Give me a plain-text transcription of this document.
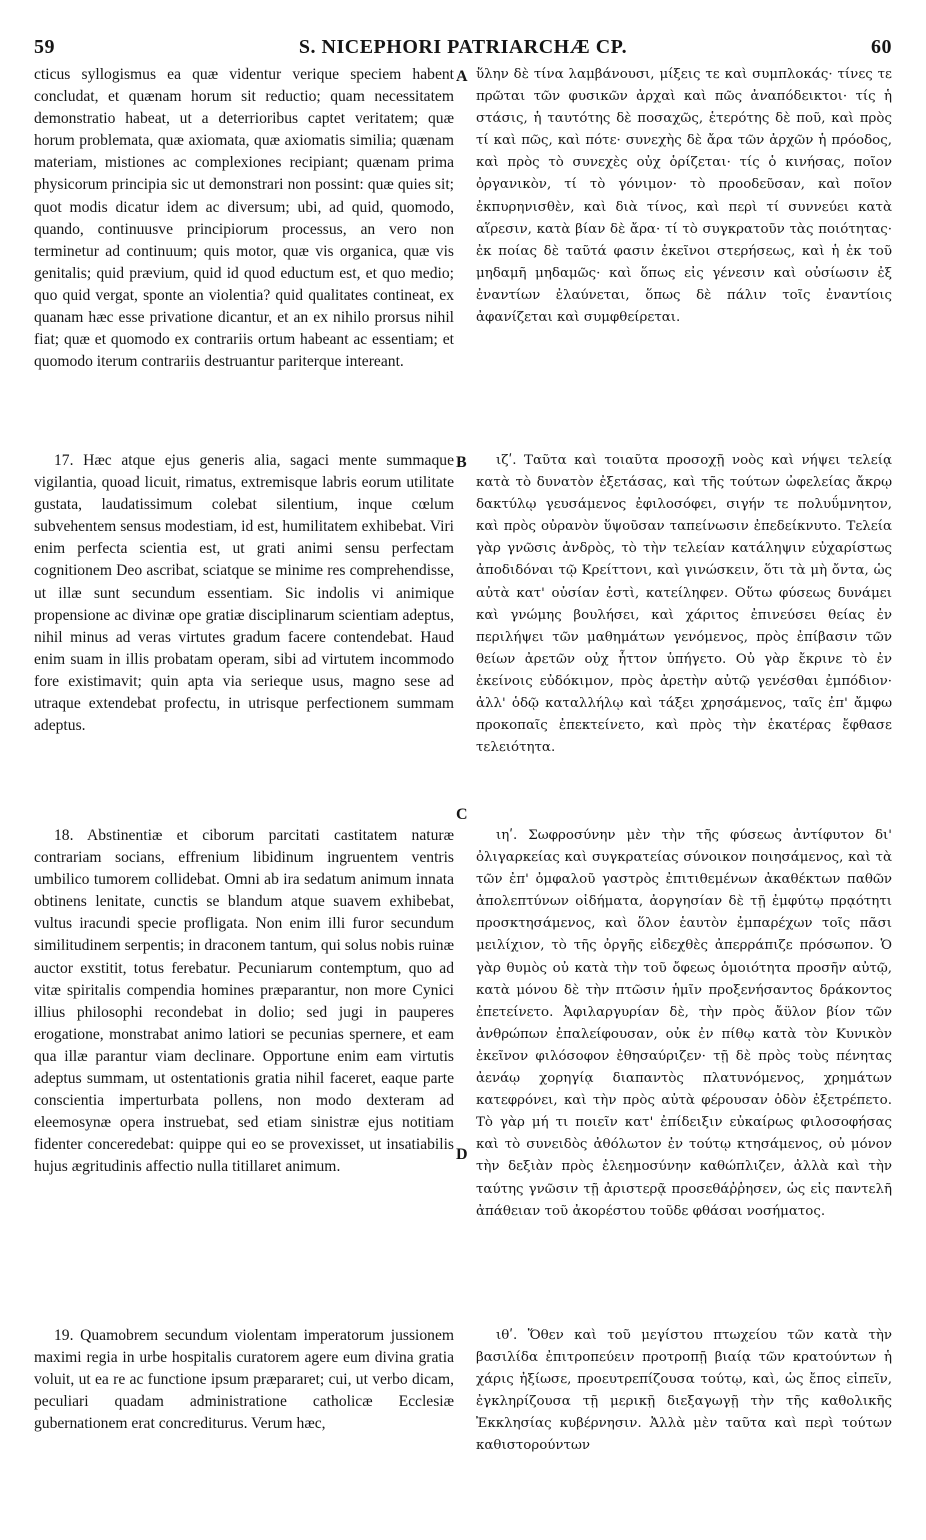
59	S. NICEPHORI PATRIARCHÆ CP.	60
cticus syllogismus ea quæ videntur verique speciem habent concludat, et quænam horum sit reductio; quam necessitatem demonstratio habeat, ut a deterrioribus captet veritatem; quæ horum problemata, quæ axiomata, quæ axiomatis similia; quænam materiam, mistiones ac complexiones recipiant; quænam prima physicorum principia sic ut demonstrari non possint: quæ quies sit; quot modis dicatur idem ac diversum; ubi, ad quid, quomodo, quando, continuusve principiorum processus, an vero non terminetur ad continuum; quis motor, quæ vis organica, quæ vis genitalis; quid prævium, quid id quod eductum est, et quo medio; quo quid vergat, sponte an violentia? quid qualitates contineat, ex quanam hæc esse privatione dicantur, et an ex nihilo prorsus nihil fiat; quæ et quomodo ex contrariis ortum habeant ac essentiam; et quomodo iterum contrariis destruantur pariterque intereant.
A ὕλην δὲ τίνα λαμβάνουσι, μίξεις τε καὶ συμπλοκάς· τίνες τε πρῶται τῶν φυσικῶν ἀρχαὶ καὶ πῶς ἀναπόδεικτοι· τίς ἡ στάσις, ἡ ταυτότης δὲ ποσαχῶς, ἑτερότης δὲ ποῦ, καὶ πρὸς τί καὶ πῶς, καὶ πότε· συνεχὴς δὲ ἄρα τῶν ἀρχῶν ἡ πρόοδος, καὶ πρὸς τὸ συνεχὲς οὐχ ὁρίζεται· τίς ὁ κινήσας, ποῖον ὀργανικὸν, τί τὸ γόνιμον· τὸ προοδεῦσαν, καὶ ποῖον ἐκπυρηνισθὲν, καὶ διὰ τίνος, καὶ περὶ τί συννεύει κατὰ αἵρεσιν, κατὰ βίαν δὲ ἄρα· τί τὸ συγκρατοῦν τὰς ποιότητας· ἐκ ποίας δὲ ταῦτά φασιν ἐκεῖνοι στερήσεως, καὶ ἡ ἐκ τοῦ μηδαμῆ μηδαμῶς· καὶ ὅπως εἰς γένεσιν καὶ οὐσίωσιν ἐξ ἐναντίων ἐλαύνεται, ὅπως δὲ πάλιν τοῖς ἐναντίοις ἀφανίζεται καὶ συμφθείρεται.
17. Hæc atque ejus generis alia, sagaci mente summaque vigilantia, quoad licuit, rimatus, extremisque labris eorum utilitate gustata, laudatissimum colebat silentium, inque cœlum subvehentem sensus modestiam, id est, humilitatem exhibebat. Viri enim perfecta scientia est, ut grati animi sensu perfectam cognitionem Deo ascribat, sciatque se minime res comprehendisse, ut illæ sunt secundum essentiam. Sic indolis vi animique propensione ac divinæ ope gratiæ disciplinarum scientiam adeptus, nihil minus ad veras virtutes gradum facere contendebat. Haud enim suam in illis probatam operam, sibi ad virtutem incommodo fore existimavit; quin apta via serieque usus, magno sese ad utraque extendebat profectu, in utrisque perfectionem summam adeptus.
B	ιζʹ. Ταῦτα καὶ τοιαῦτα προσοχῇ νοὸς καὶ νήψει τελείᾳ κατὰ τὸ δυνατὸν ἐξετάσας, καὶ τῆς τούτων ὠφελείας ἄκρῳ δακτύλῳ γευσάμενος ἐφιλοσόφει, σιγήν τε πολυΰμνητον, καὶ πρὸς οὐρανὸν ὕψοῦσαν ταπείνωσιν ἐπεδείκνυτο. Τελεία γὰρ γνῶσις ἀνδρὸς, τὸ τὴν τελείαν κατάληψιν εὐχαρίστως ἀποδιδόναι τῷ Κρείττονι, καὶ γινώσκειν, ὅτι τὰ μὴ ὄντα, ὡς αὐτὰ κατ' οὐσίαν ἐστὶ, κατείληφεν. Οὕτω φύσεως δυνάμει καὶ γνώμης βουλήσει, καὶ χάριτος ἐπινεύσει θείας ἐν περιλήψει τῶν μαθημάτων γενόμενος, πρὸς ἐπίβασιν τῶν θείων ἀρετῶν οὐχ ἧττον ὑπήγετο. Οὐ γὰρ ἔκρινε τὸ ἐν ἐκείνοις εὐδόκιμον, πρὸς ἀρετὴν αὐτῷ γενέσθαι ἐμπόδιον· ἀλλ' ὁδῷ καταλλήλῳ καὶ τάξει χρησάμενος, ταῖς ἐπ' ἄμφω προκοπαῖς ἐπεκτείνετο, καὶ πρὸς τὴν ἑκατέρας ἔφθασε τελειότητα.
C
18. Abstinentiæ et ciborum parcitati castitatem naturæ contrariam socians, effrenium libidinum ingruentem ventris umbilico tumorem collidebat. Omni ab ira sedatum animum innata obtinens lenitate, cunctis se blandum atque suavem exhibebat, vultus iracundi specie profligata. Non enim illi furor secundum similitudinem serpentis; in draconem tantum, qui solus nobis ruinæ auctor exstitit, totus ferebatur. Pecuniarum contemptum, quo ad vitæ spiritalis compendia homines præparantur, non more Cynici illius philosophi recondebat in dolio; sed jugi in pauperes erogatione, monstrabat animo latiori se pecunias spernere, et eam qua illæ parantur viam declinare. Opportune enim eam virtutis adeptus summam, ut ostentationis gratia nihil faceret, eaque parte conscientia imperturbata pollens, non modo dexteram ad eleemosynæ opera instruebat, sed etiam sinistræ ejus notitiam fidenter conceredebat: quippe qui eo se provexisset, ut insatiabilis hujus ægritudinis affectio nulla titillaret animum.
ιηʹ. Σωφροσύνην μὲν τὴν τῆς φύσεως ἀντίφυτον δι' ὀλιγαρκείας καὶ συγκρατείας σύνοικον ποιησάμενος, καὶ τὰ τῶν ἐπ' ὀμφαλοῦ γαστρὸς ἐπιτιθεμένων ἀκαθέκτων παθῶν ἀπολεπτύνων οἰδήματα, ἀοργησίαν δὲ τῇ ἐμφύτῳ πρᾳότητι προσκτησάμενος, καὶ ὅλον ἑαυτὸν ἐμπαρέχων τοῖς πᾶσι μειλίχιον, τὸ τῆς ὀργῆς εἰδεχθὲς ἀπερράπιζε πρόσωπον. Ὁ γὰρ θυμὸς οὐ κατὰ τὴν τοῦ ὄφεως ὁμοιότητα προσῆν αὐτῷ, κατὰ μόνου δὲ τὴν πτῶσιν ἡμῖν προξενήσαντος δράκοντος ἐπετείνετο. Ἀφιλαργυρίαν δὲ, τὴν πρὸς ἄϋλον βίον τῶν ἀνθρώπων ἐπαλείφουσαν, οὐκ ἐν πίθῳ κατὰ τὸν Κυνικὸν ἐκεῖνον φιλόσοφον ἐθησαύριζεν· τῇ δὲ πρὸς τοὺς πένητας ἀενάῳ χορηγίᾳ διαπαντὸς πλατυνόμενος, χρημάτων κατεφρόνει, καὶ τὴν πρὸς αὐτὰ φέρουσαν ὁδὸν ἐξετρέπετο. Τὸ γὰρ μή τι ποιεῖν κατ' ἐπίδειξιν εὐκαίρως φιλοσοφήσας καὶ τὸ συνειδὸς ἀθόλωτον ἐν τούτῳ κτησάμενος, οὐ μόνον τὴν δεξιὰν πρὸς ἐλεημοσύνην καθώπλιζεν, ἀλλὰ καὶ τὴν ταύτης γνῶσιν τῇ ἀριστερᾷ προσεθάῤῥησεν, ὡς εἰς παντελῆ ἀπάθειαν τοῦ ἀκορέστου τοῦδε φθάσαι νοσήματος.
D
19. Quamobrem secundum violentam imperatorum jussionem maximi regia in urbe hospitalis curatorem agere eum divina gratia voluit, ut ea re ac functione ipsum præpararet; cui, ut verbo dicam, peculiari quadam administratione catholicæ Ecclesiæ gubernationem erat concrediturus. Verum hæc,
ιθʹ. Ὅθεν καὶ τοῦ μεγίστου πτωχείου τῶν κατὰ τὴν βασιλίδα ἐπιτροπεύειν προτροπῇ βιαίᾳ τῶν κρατούντων ἡ χάρις ἠξίωσε, προευτρεπίζουσα τούτῳ, καὶ, ὡς ἔπος εἰπεῖν, ἐγκληρίζουσα τῇ μερικῇ διεξαγωγῇ τὴν τῆς καθολικῆς Ἐκκλησίας κυβέρνησιν. Ἀλλὰ μὲν ταῦτα καὶ περὶ τούτων καθιστορούντων
